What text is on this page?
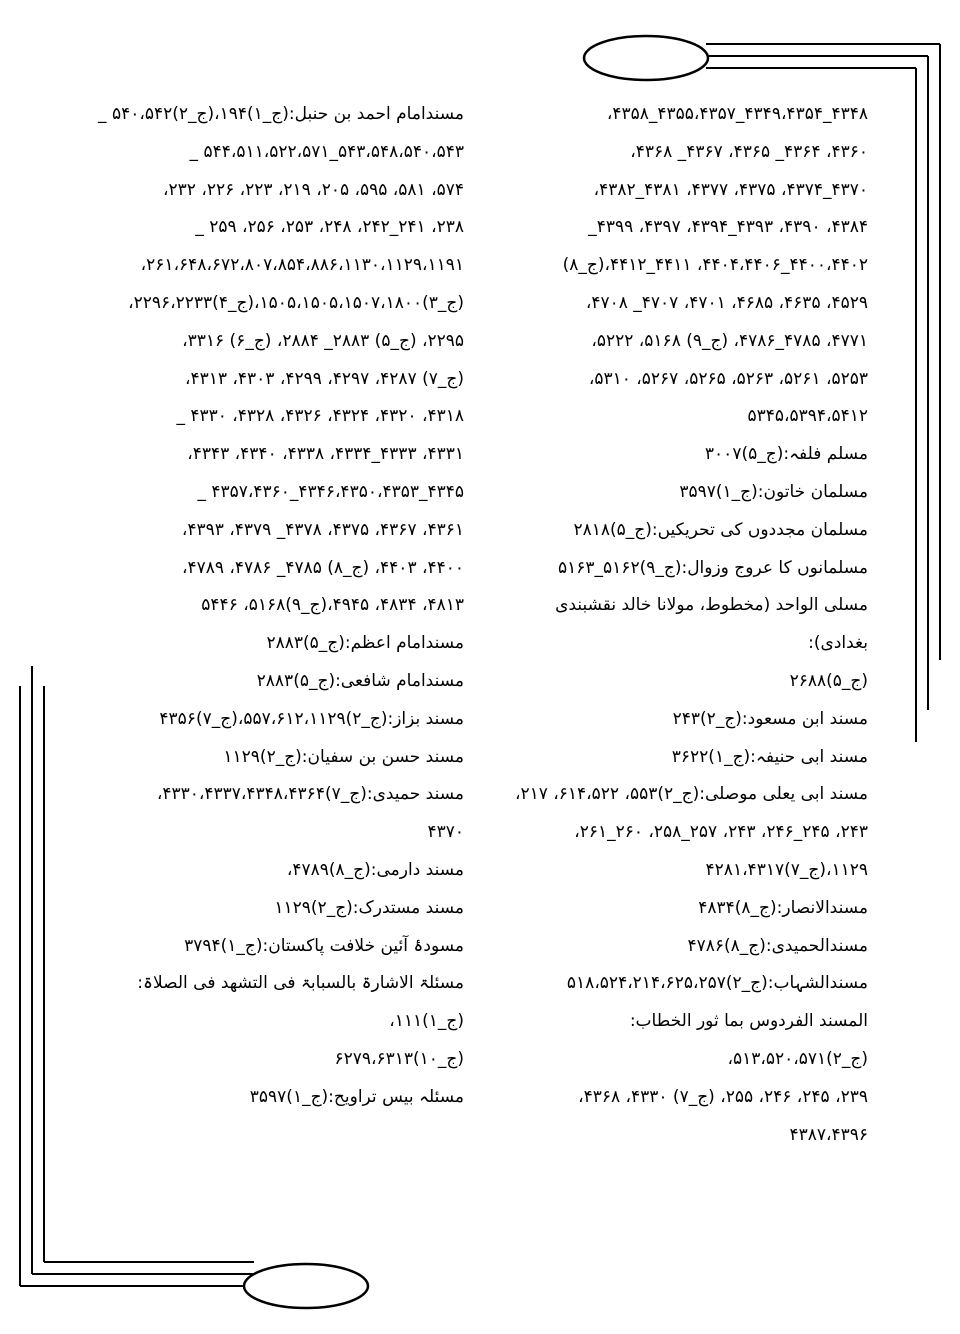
۴۳۴۸_۴۳۴۹،۴۳۵۴_۴۳۵۵،۴۳۵۷_۴۳۵۸،
۴۳۶۰، ۴۳۶۴_ ۴۳۶۵، ۴۳۶۷_ ۴۳۶۸،
۴۳۷۰_۴۳۷۴، ۴۳۷۵، ۴۳۷۷، ۴۳۸۱_۴۳۸۲،
۴۳۸۴، ۴۳۹۰، ۴۳۹۳_۴۳۹۴، ۴۳۹۷، ۴۳۹۹_
۴۴۰۰،۴۴۰۲_۴۴۰۴،۴۴۰۶، ۴۴۱۱_۴۴۱۲،(ج_۸)
۴۵۲۹، ۴۶۳۵، ۴۶۸۵، ۴۷۰۱، ۴۷۰۷_ ۴۷۰۸،
۴۷۷۱، ۴۷۸۵_۴۷۸۶، (ج_۹) ۵۱۶۸، ۵۲۲۲،
۵۲۵۳، ۵۲۶۱، ۵۲۶۳، ۵۲۶۵، ۵۲۶۷، ۵۳۱۰،
۵۳۴۵،۵۳۹۴،۵۴۱۲
مسلم فلفہ:(ج_۵)۳۰۰۷
مسلمان خاتون:(ج_۱)۳۵۹۷
مسلمان مجددوں کی تحریکیں:(ج_۵)۲۸۱۸
مسلمانوں کا عروج وزوال:(ج_۹)۵۱۶۲_۵۱۶۳
مسلی الواحد (مخطوط، مولانا خالد نقشبندی بغدادی):
(ج_۵)۲۶۸۸
مسند ابن مسعود:(ج_۲)۲۴۳
مسند ابی حنیفہ:(ج_۱)۳۶۲۲
مسند ابی یعلی موصلی:(ج_۲)۵۵۳، ۶۱۴،۵۲۲، ۲۱۷،
۲۴۳، ۲۴۵_۲۴۶، ۲۴۳، ۲۵۷_۲۵۸، ۲۶۰_۲۶۱،
۱۱۲۹،(ج_۷)۴۲۸۱،۴۳۱۷
مسندالانصار:(ج_۸)۴۸۳۴
مسندالحمیدی:(ج_۸)۴۷۸۶
مسندالشہاب:(ج_۲)۵۱۸،۵۲۴،۲۱۴،۶۲۵،۲۵۷
المسند الفردوس بما ثور الخطاب:(ج_۲)۵۱۳،۵۲۰،۵۷۱،
۲۳۹، ۲۴۵، ۲۴۶، ۲۵۵، (ج_۷) ۴۳۳۰، ۴۳۶۸،
۴۳۸۷،۴۳۹۶
مسندامام احمد بن حنبل:(ج_۱)۱۹۴،(ج_۲)۵۴۰،۵۴۲ _
۵۴۳،۵۴۸،۵۴۰،۵۴۳_۵۴۴،۵۱۱،۵۲۲،۵۷۱ _
۵۷۴، ۵۸۱، ۵۹۵، ۲۰۵، ۲۱۹، ۲۲۳، ۲۲۶، ۲۳۲،
۲۳۸، ۲۴۱_۲۴۲، ۲۴۸، ۲۵۳، ۲۵۶، ۲۵۹ _
۲۶۱،۶۴۸،۶۷۲،۸۰۷،۸۵۴،۸۸۶،۱۱۳۰،۱۱۲۹،۱۱۹۱،
(ج_۳)۱۵۰۵،۱۵۰۵،۱۵۰۷،۱۸۰۰،(ج_۴)۲۲۹۶،۲۲۳۳،
۲۲۹۵، (ج_۵) ۲۸۸۳_ ۲۸۸۴، (ج_۶) ۳۳۱۶،
(ج_۷) ۴۲۸۷، ۴۲۹۷، ۴۲۹۹، ۴۳۰۳، ۴۳۱۳،
۴۳۱۸، ۴۳۲۰، ۴۳۲۴، ۴۳۲۶، ۴۳۲۸، ۴۳۳۰ _
۴۳۳۱، ۴۳۳۳_۴۳۳۴، ۴۳۳۸، ۴۳۴۰، ۴۳۴۳،
۴۳۴۵_۴۳۴۶،۴۳۵۰،۴۳۵۳_۴۳۵۷،۴۳۶۰ _
۴۳۶۱، ۴۳۶۷، ۴۳۷۵، ۴۳۷۸_ ۴۳۷۹، ۴۳۹۳،
۴۴۰۰، ۴۴۰۳، (ج_۸) ۴۷۸۵_ ۴۷۸۶، ۴۷۸۹،
۴۸۱۳، ۴۸۳۴، ۴۹۴۵،(ج_۹)۵۱۶۸، ۵۴۴۶
مسندامام اعظم:(ج_۵)۲۸۸۳
مسندامام شافعی:(ج_۵)۲۸۸۳
مسند بزاز:(ج_۲)۵۵۷،۶۱۲،۱۱۲۹،(ج_۷)۴۳۵۶
مسند حسن بن سفیان:(ج_۲)۱۱۲۹
مسند حمیدی:(ج_۷)۴۳۳۰،۴۳۳۷،۴۳۴۸،۴۳۶۴،
۴۳۷۰
مسند دارمی:(ج_۸)۴۷۸۹،
مسند مستدرک:(ج_۲)۱۱۲۹
مسودۂ آئین خلافت پاکستان:(ج_۱)۳۷۹۴
مسئلۃ الاشارۃ بالسبابۃ فی التشھد فی الصلاۃ:(ج_۱)۱۱۱،
(ج_۱۰)۶۲۷۹،۶۳۱۳
مسئلہ بیس تراویح:(ج_۱)۳۵۹۷
